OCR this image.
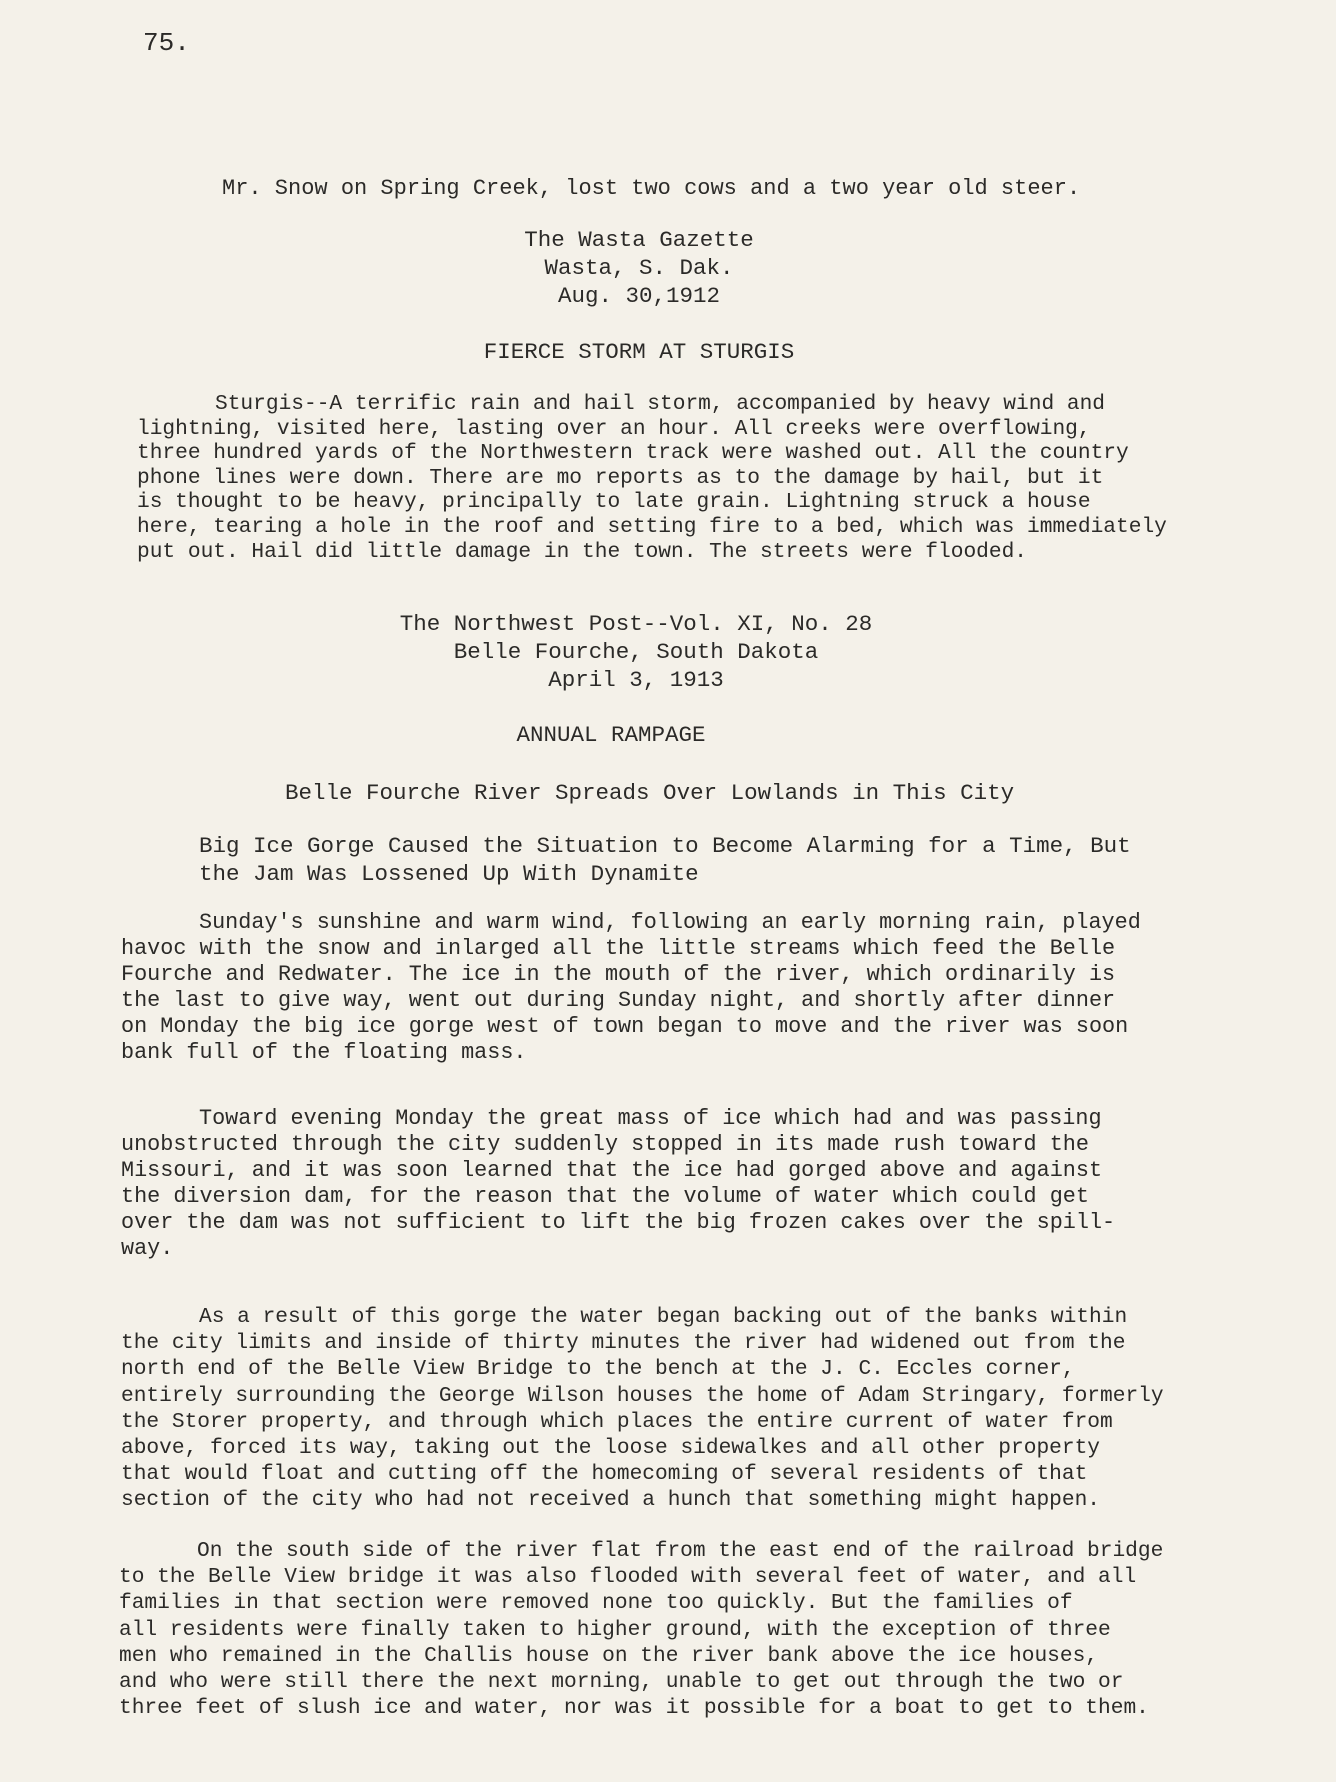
75.
Mr. Snow on Spring Creek, lost two cows and a two year old steer.
The Wasta Gazette
Wasta, S. Dak.
Aug. 30,1912
FIERCE STORM AT STURGIS
Sturgis--A terrific rain and hail storm, accompanied by heavy wind and
lightning, visited here, lasting over an hour. All creeks were overflowing,
three hundred yards of the Northwestern track were washed out. All the country
phone lines were down. There are mo reports as to the damage by hail, but it
is thought to be heavy, principally to late grain. Lightning struck a house
here, tearing a hole in the roof and setting fire to a bed, which was immediately
put out. Hail did little damage in the town. The streets were flooded.
The Northwest Post--Vol. XI, No. 28
Belle Fourche, South Dakota
April 3, 1913
ANNUAL RAMPAGE
Belle Fourche River Spreads Over Lowlands in This City
Big Ice Gorge Caused the Situation to Become Alarming for a Time, But
the Jam Was Lossened Up With Dynamite
Sunday's sunshine and warm wind, following an early morning rain, played
havoc with the snow and inlarged all the little streams which feed the Belle
Fourche and Redwater. The ice in the mouth of the river, which ordinarily is
the last to give way, went out during Sunday night, and shortly after dinner
on Monday the big ice gorge west of town began to move and the river was soon
bank full of the floating mass.
Toward evening Monday the great mass of ice which had and was passing
unobstructed through the city suddenly stopped in its made rush toward the
Missouri, and it was soon learned that the ice had gorged above and against
the diversion dam, for the reason that the volume of water which could get
over the dam was not sufficient to lift the big frozen cakes over the spill-
way.
As a result of this gorge the water began backing out of the banks within
the city limits and inside of thirty minutes the river had widened out from the
north end of the Belle View Bridge to the bench at the J. C. Eccles corner,
entirely surrounding the George Wilson houses the home of Adam Stringary, formerly
the Storer property, and through which places the entire current of water from
above, forced its way, taking out the loose sidewalkes and all other property
that would float and cutting off the homecoming of several residents of that
section of the city who had not received a hunch that something might happen.
On the south side of the river flat from the east end of the railroad bridge
to the Belle View bridge it was also flooded with several feet of water, and all
families in that section were removed none too quickly. But the families of
all residents were finally taken to higher ground, with the exception of three
men who remained in the Challis house on the river bank above the ice houses,
and who were still there the next morning, unable to get out through the two or
three feet of slush ice and water, nor was it possible for a boat to get to them.
